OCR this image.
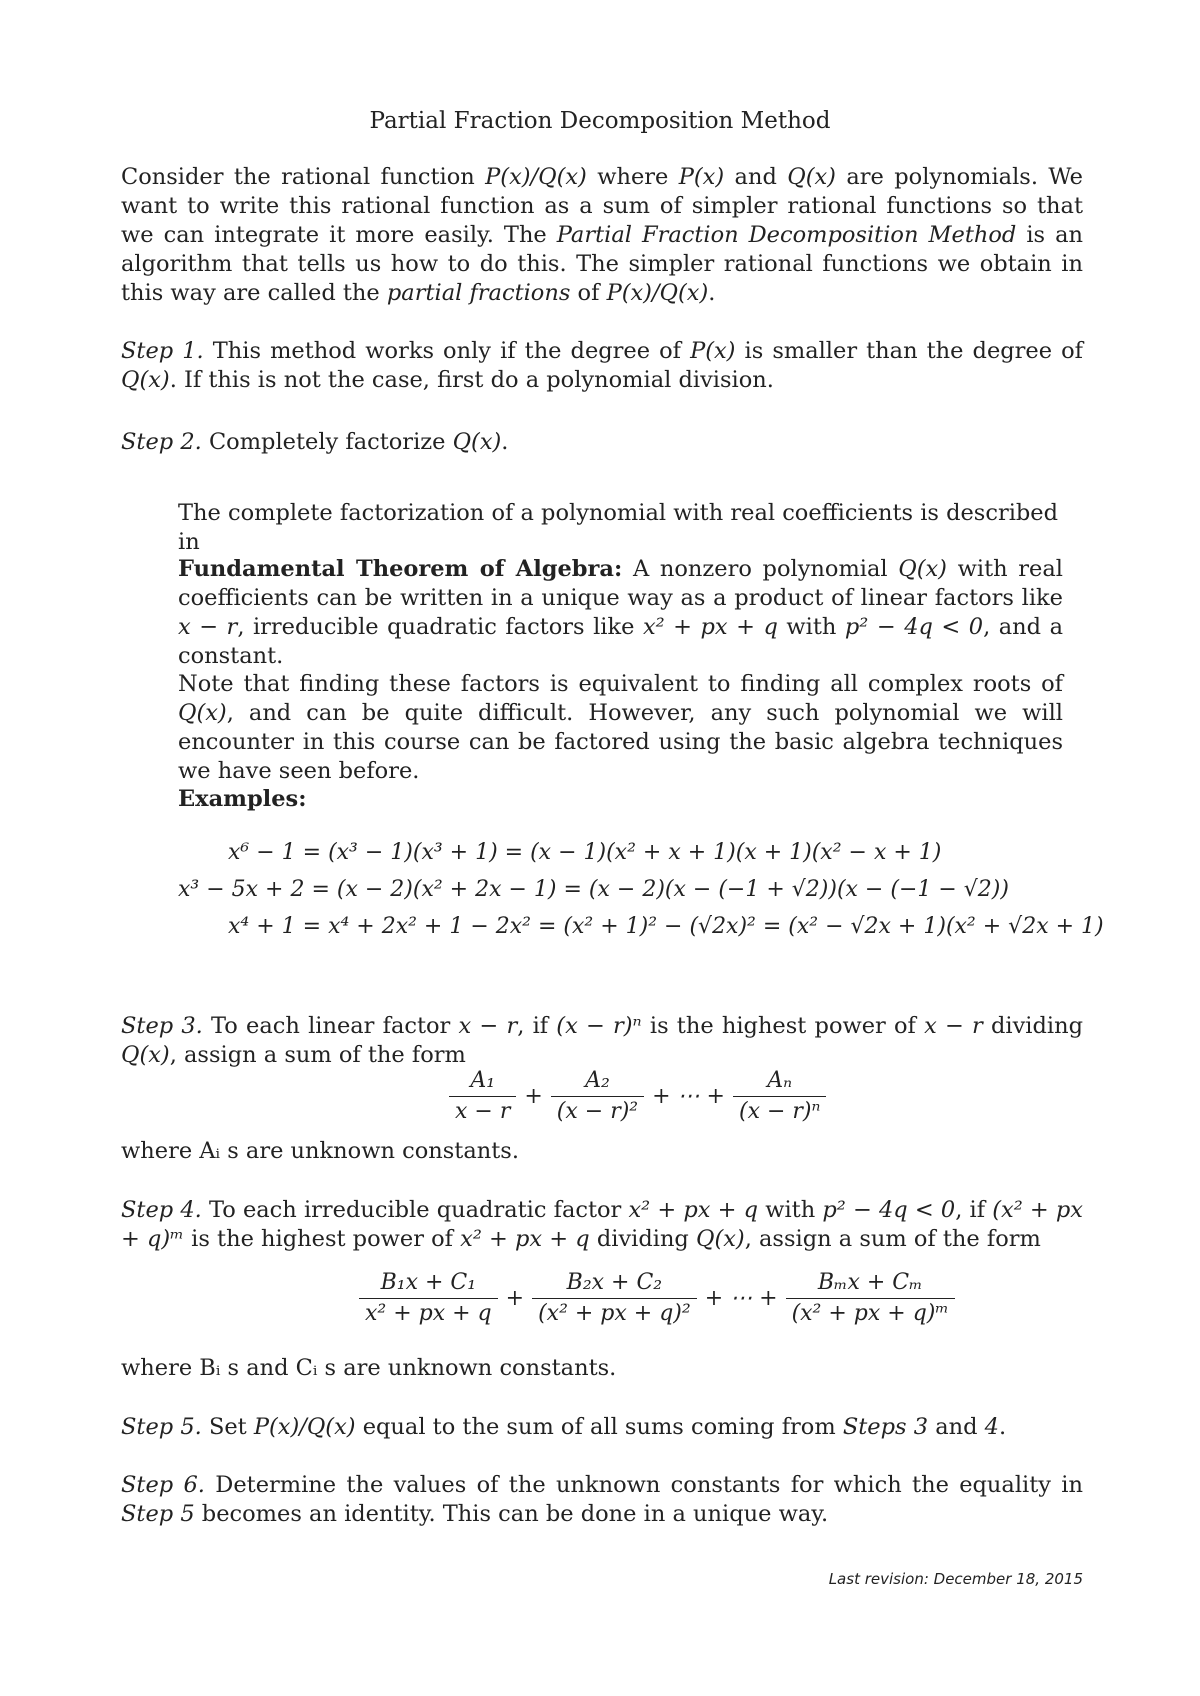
Partial Fraction Decomposition Method

Consider the rational function P(x)/Q(x) where P(x) and Q(x) are polynomials. We want to write this rational function as a sum of simpler rational functions so that we can integrate it more easily. The Partial Fraction Decomposition Method is an algorithm that tells us how to do this. The simpler rational functions we obtain in this way are called the partial fractions of P(x)/Q(x).

Step 1. This method works only if the degree of P(x) is smaller than the degree of Q(x). If this is not the case, first do a polynomial division.

Step 2. Completely factorize Q(x).

The complete factorization of a polynomial with real coefficients is described in

Fundamental Theorem of Algebra: A nonzero polynomial Q(x) with real coefficients can be written in a unique way as a product of linear factors like x − r, irreducible quadratic factors like x² + px + q with p² − 4q < 0, and a constant.

Note that finding these factors is equivalent to finding all complex roots of Q(x), and can be quite difficult. However, any such polynomial we will encounter in this course can be factored using the basic algebra techniques we have seen before.

Examples:

x⁶ − 1 = (x³ − 1)(x³ + 1) = (x − 1)(x² + x + 1)(x + 1)(x² − x + 1)
x³ − 5x + 2 = (x − 2)(x² + 2x − 1) = (x − 2)(x − (−1 + √2))(x − (−1 − √2))
x⁴ + 1 = x⁴ + 2x² + 1 − 2x² = (x² + 1)² − (√2x)² = (x² − √2x + 1)(x² + √2x + 1)

Step 3. To each linear factor x − r, if (x − r)ⁿ is the highest power of x − r dividing Q(x), assign a sum of the form

$\frac{\text{A₁}}{x - r} + \frac{\text{A₂}}{\text{(x − r)²}}$ + ⋯ + $\frac{\text{Aₙ}}{\text{(x − r)ⁿ}}$

where Aᵢ s are unknown constants.

Step 4. To each irreducible quadratic factor x² + px + q with p² − 4q < 0, if (x² + px + q)ᵐ is the highest power of x² + px + q dividing Q(x), assign a sum of the form

$\frac{\text{B₁x + C₁}}{\text{x² + px + q}} + \frac{\text{B₂x + C₂}}{\text{(x² + px + q)²}}$ + ⋯ + $\frac{\text{Bₘx + Cₘ}}{\text{(x² + px + q)ᵐ}}$

where Bᵢ s and Cᵢ s are unknown constants.

Step 5. Set P(x)/Q(x) equal to the sum of all sums coming from Steps 3 and 4.

Step 6. Determine the values of the unknown constants for which the equality in Step 5 becomes an identity. This can be done in a unique way.

Last revision: December 18, 2015
